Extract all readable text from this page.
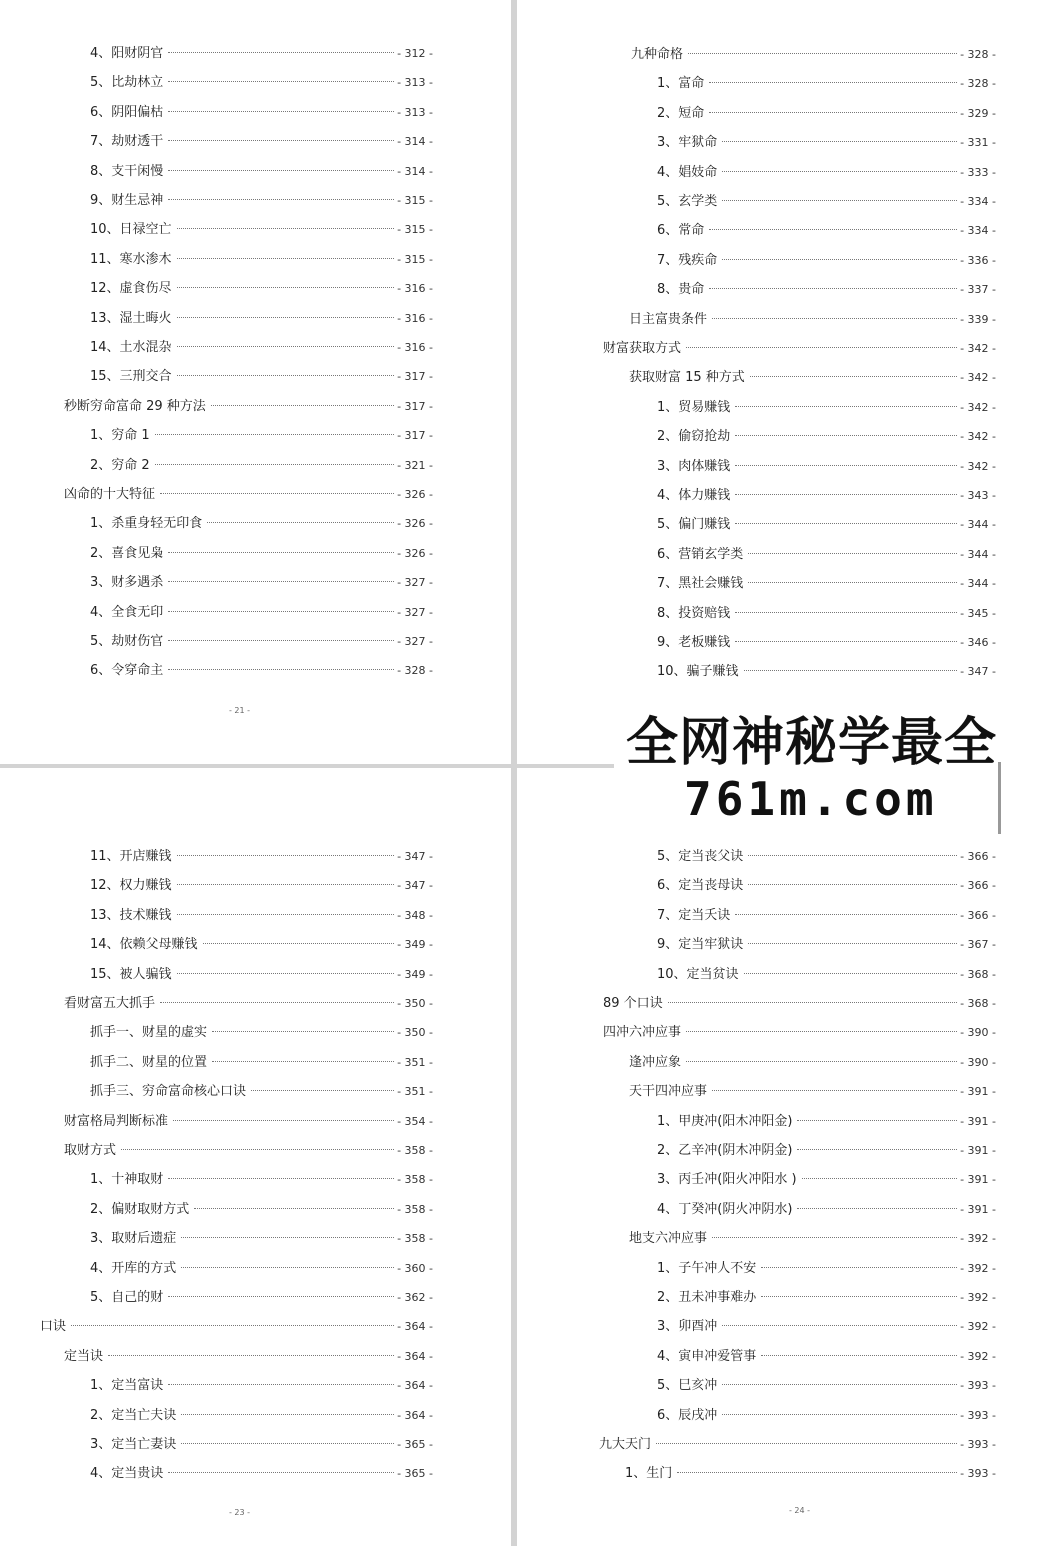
4、阳财阴官	- 312 -
5、比劫林立	- 313 -
6、阴阳偏枯	- 313 -
7、劫财透干	- 314 -
8、支干闲慢	- 314 -
9、财生忌神	- 315 -
10、日禄空亡	- 315 -
11、寒水渗木	- 315 -
12、虚食伤尽	- 316 -
13、湿土晦火	- 316 -
14、土水混杂	- 316 -
15、三刑交合	- 317 -
秒断穷命富命 29 种方法	- 317 -
1、穷命 1	- 317 -
2、穷命 2	- 321 -
凶命的十大特征	- 326 -
1、杀重身轻无印食	- 326 -
2、喜食见枭	- 326 -
3、财多遇杀	- 327 -
4、全食无印	- 327 -
5、劫财伤官	- 327 -
6、令穿命主	- 328 -
- 21 -
九种命格	- 328 -
1、富命	- 328 -
2、短命	- 329 -
3、牢狱命	- 331 -
4、娼妓命	- 333 -
5、玄学类	- 334 -
6、常命	- 334 -
7、残疾命	- 336 -
8、贵命	- 337 -
日主富贵条件	- 339 -
财富获取方式	- 342 -
获取财富 15 种方式	- 342 -
1、贸易赚钱	- 342 -
2、偷窃抢劫	- 342 -
3、肉体赚钱	- 342 -
4、体力赚钱	- 343 -
5、偏门赚钱	- 344 -
6、营销玄学类	- 344 -
7、黑社会赚钱	- 344 -
8、投资赔钱	- 345 -
9、老板赚钱	- 346 -
10、骗子赚钱	- 347 -
11、开店赚钱	- 347 -
12、权力赚钱	- 347 -
13、技术赚钱	- 348 -
14、依赖父母赚钱	- 349 -
15、被人骗钱	- 349 -
看财富五大抓手	- 350 -
抓手一、财星的虚实	- 350 -
抓手二、财星的位置	- 351 -
抓手三、穷命富命核心口诀	- 351 -
财富格局判断标准	- 354 -
取财方式	- 358 -
1、十神取财	- 358 -
2、偏财取财方式	- 358 -
3、取财后遗症	- 358 -
4、开库的方式	- 360 -
5、自己的财	- 362 -
口诀	- 364 -
定当诀	- 364 -
1、定当富诀	- 364 -
2、定当亡夫诀	- 364 -
3、定当亡妻诀	- 365 -
4、定当贵诀	- 365 -
- 23 -
5、定当丧父诀	- 366 -
6、定当丧母诀	- 366 -
7、定当夭诀	- 366 -
9、定当牢狱诀	- 367 -
10、定当贫诀	- 368 -
89 个口诀	- 368 -
四冲六冲应事	- 390 -
逢冲应象	- 390 -
天干四冲应事	- 391 -
1、甲庚冲(阳木冲阳金)	- 391 -
2、乙辛冲(阴木冲阴金)	- 391 -
3、丙壬冲(阳火冲阳水 )	- 391 -
4、丁癸冲(阴火冲阴水)	- 391 -
地支六冲应事	- 392 -
1、子午冲人不安	- 392 -
2、丑未冲事难办	- 392 -
3、卯酉冲	- 392 -
4、寅申冲爱管事	- 392 -
5、巳亥冲	- 393 -
6、辰戌冲	- 393 -
九大天门	- 393 -
1、生门	- 393 -
- 24 -
全网神秘学最全
761m.com
